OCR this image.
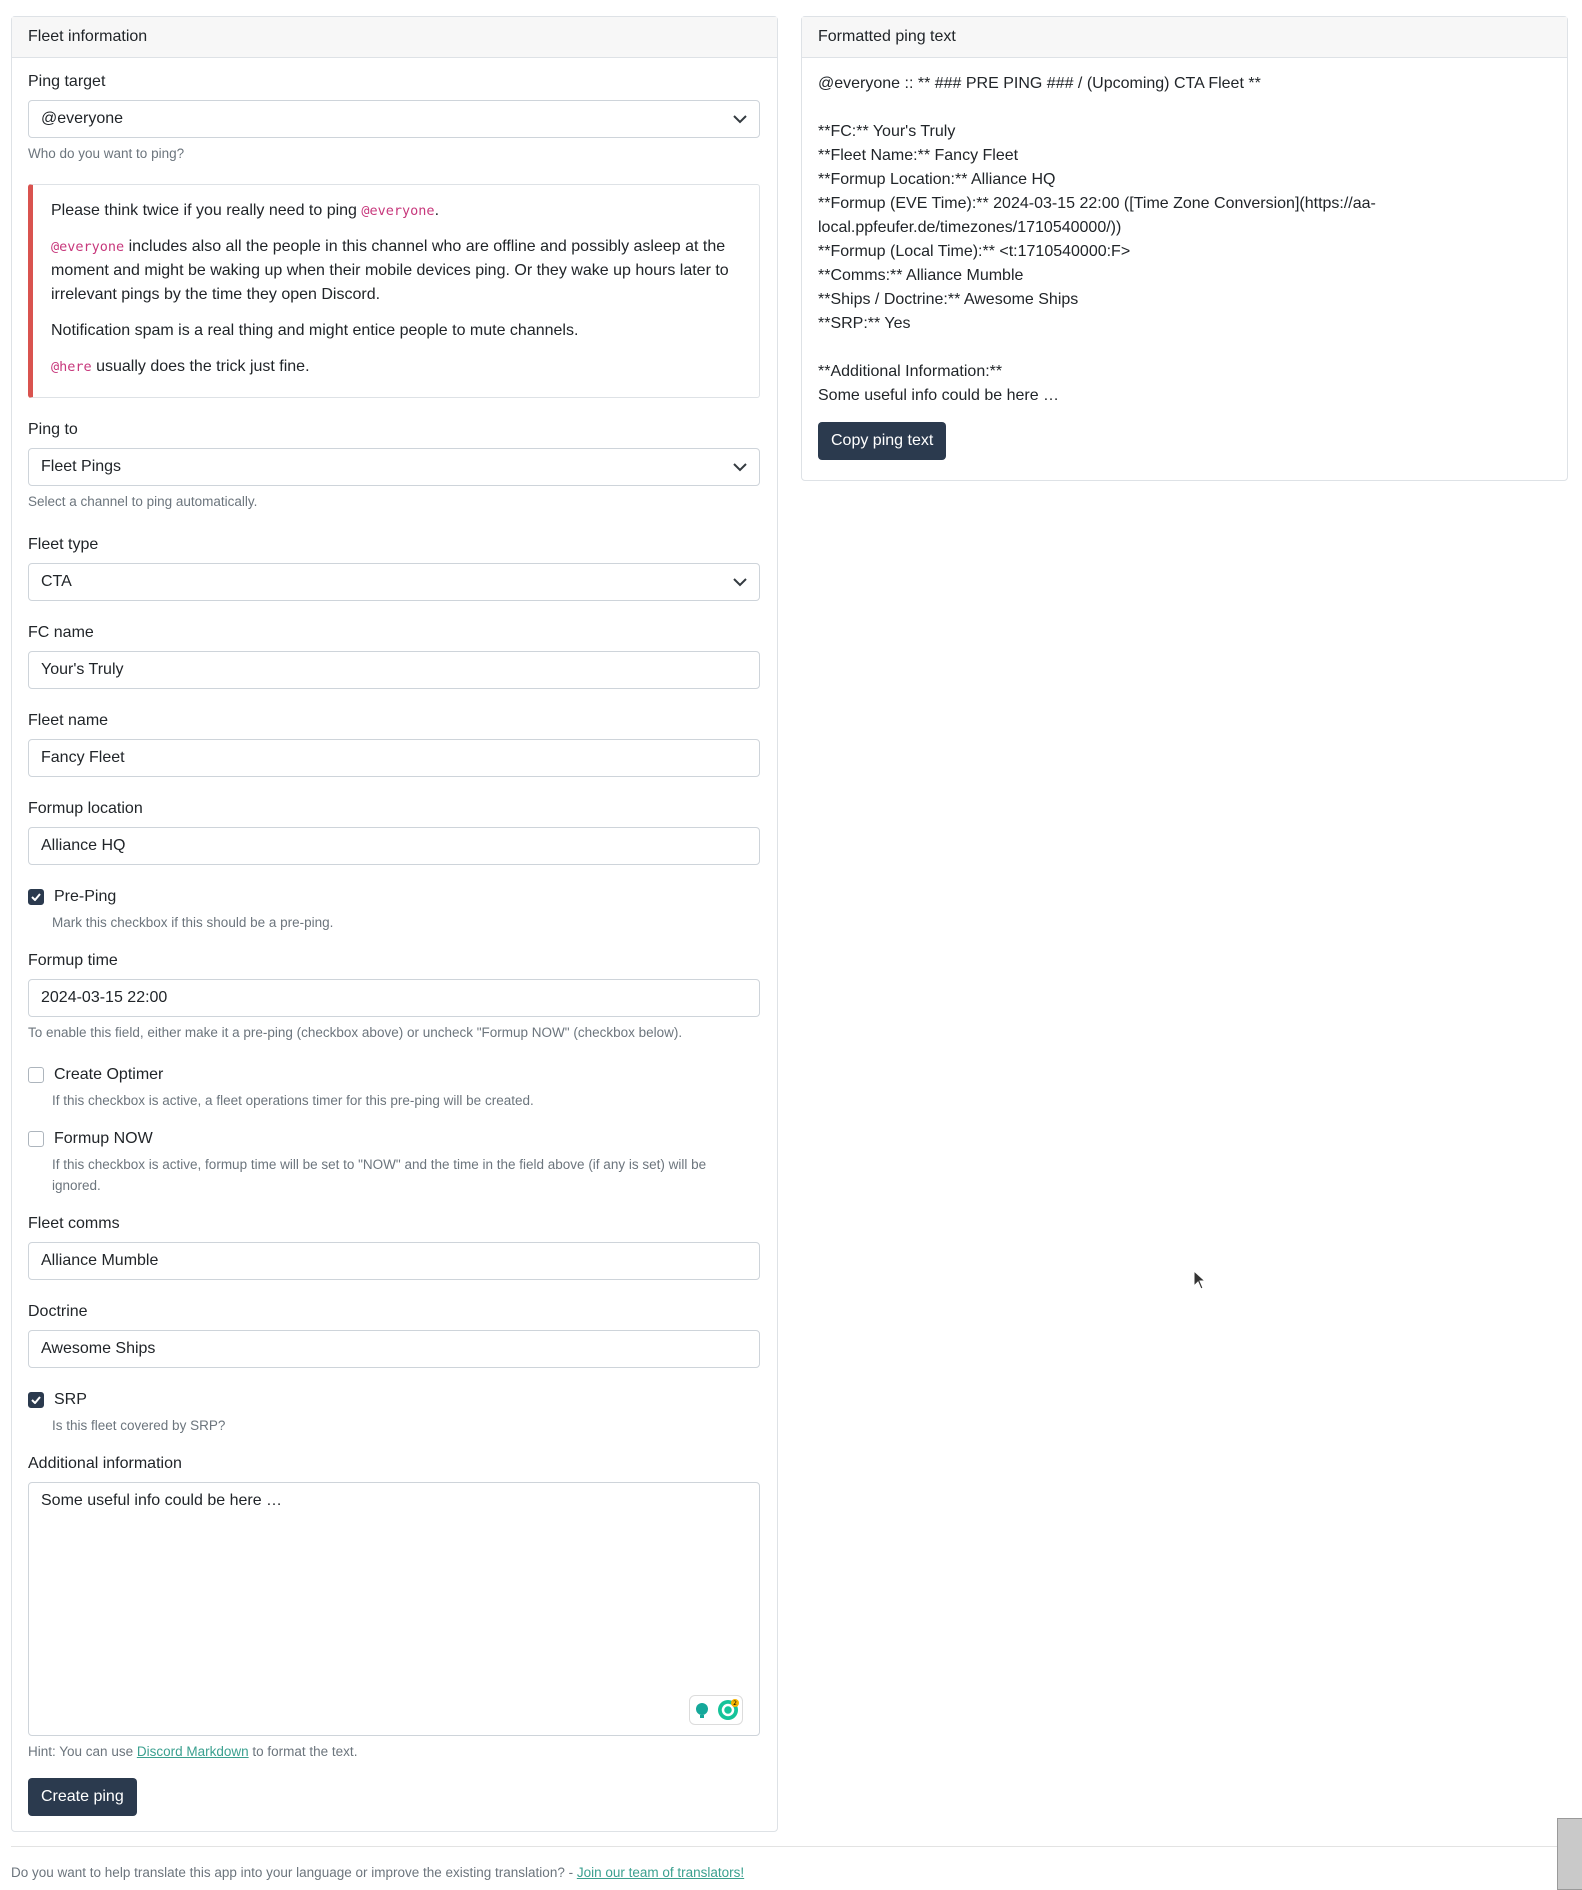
Fleet information
Ping target
@everyone
Who do you want to ping?

Please think twice if you really need to ping @everyone.

@everyone includes also all the people in this channel who are offline and possibly asleep at the moment and might be waking up when their mobile devices ping. Or they wake up hours later to irrelevant pings by the time they open Discord.

Notification spam is a real thing and might entice people to mute channels.

@here usually does the trick just fine.

Ping to
Fleet Pings
Select a channel to ping automatically.
Fleet type
CTA
FC name
Your's Truly
Fleet name
Fancy Fleet
Formup location
Alliance HQ
Pre-Ping
Mark this checkbox if this should be a pre-ping.
Formup time
2024-03-15 22:00
To enable this field, either make it a pre-ping (checkbox above) or uncheck "Formup NOW" (checkbox below).
Create Optimer
If this checkbox is active, a fleet operations timer for this pre-ping will be created.
Formup NOW
If this checkbox is active, formup time will be set to "NOW" and the time in the field above (if any is set) will be ignored.
Fleet comms
Alliance Mumble
Doctrine
Awesome Ships
SRP
Is this fleet covered by SRP?
Additional information
Some useful info could be here …
2
Hint: You can use Discord Markdown to format the text.
Create ping
Formatted ping text
@everyone :: ** ### PRE PING ### / (Upcoming) CTA Fleet **
**FC:** Your's Truly
**Fleet Name:** Fancy Fleet
**Formup Location:** Alliance HQ
**Formup (EVE Time):** 2024-03-15 22:00 ([Time Zone Conversion](https://aa-local.ppfeufer.de/timezones/1710540000/))
**Formup (Local Time):** <t:1710540000:F>
**Comms:** Alliance Mumble
**Ships / Doctrine:** Awesome Ships
**SRP:** Yes
**Additional Information:**
Some useful info could be here …
Copy ping text
Do you want to help translate this app into your language or improve the existing translation? - Join our team of translators!
